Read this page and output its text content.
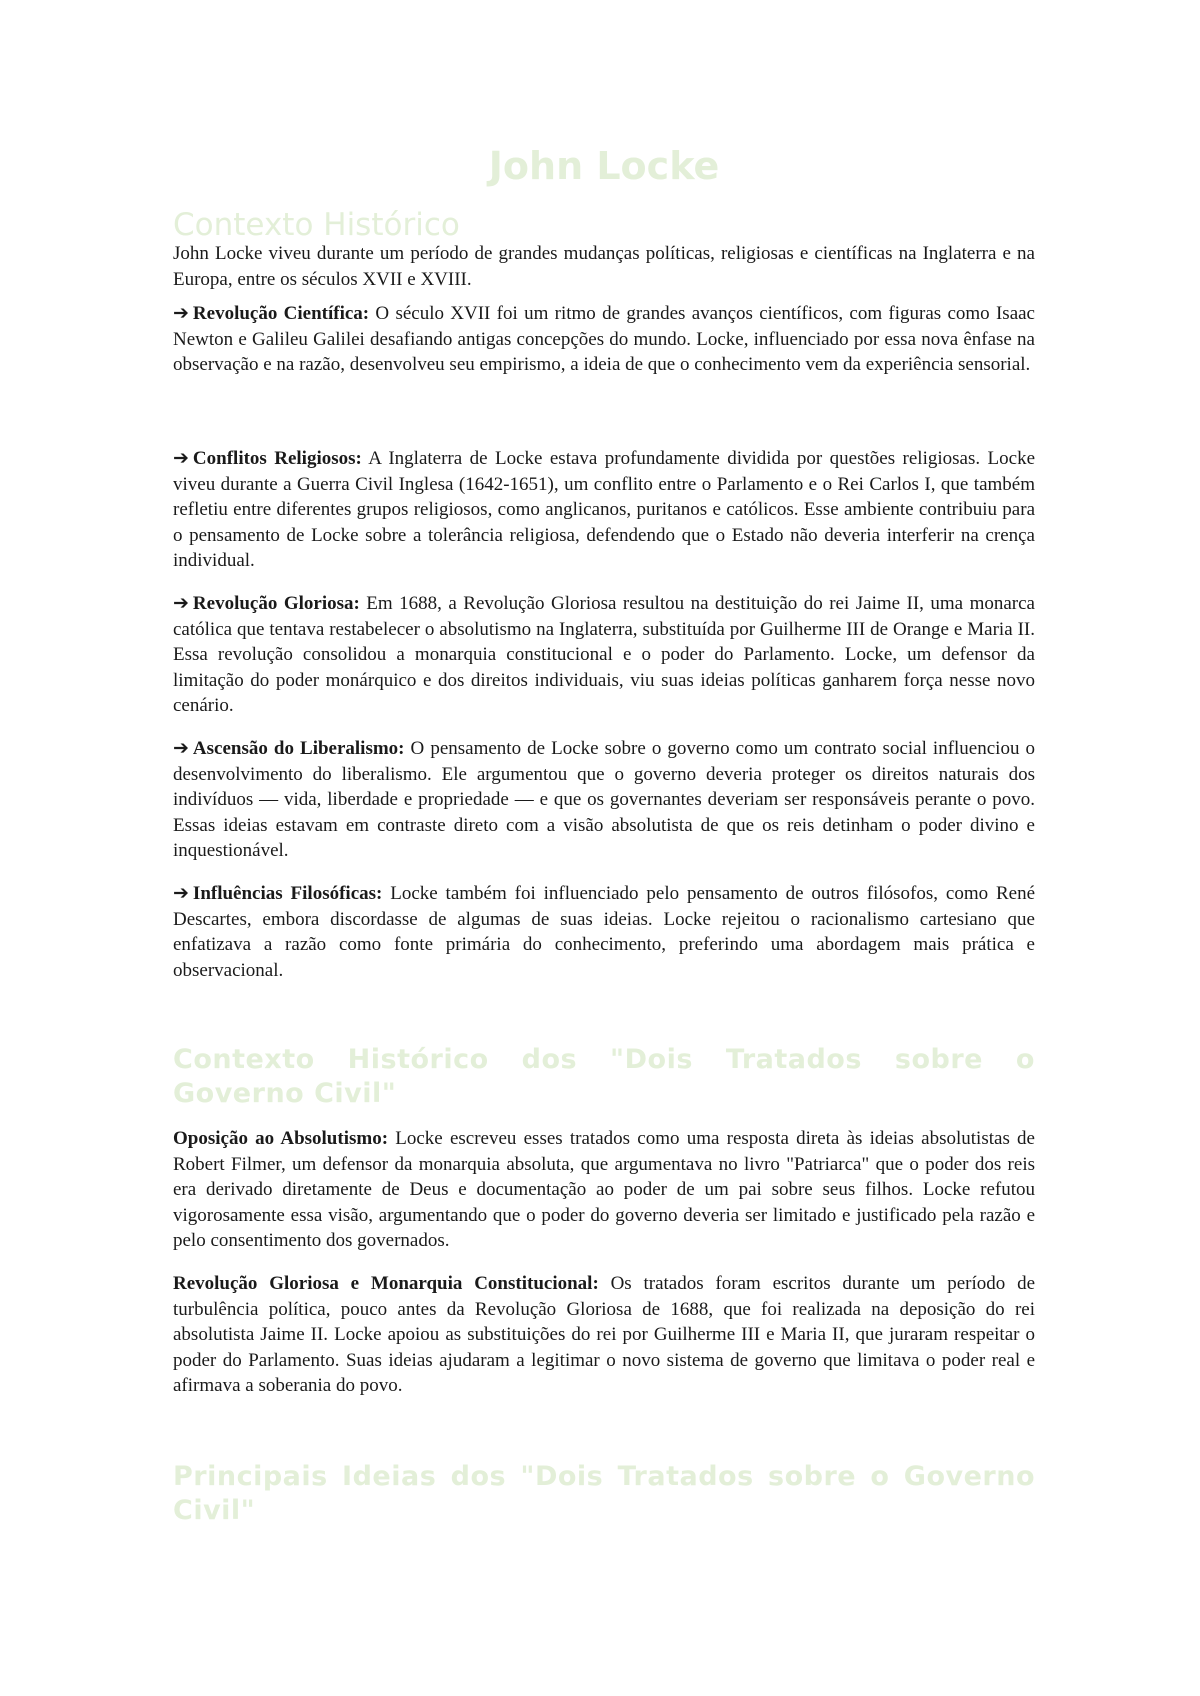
John Locke
Contexto Histórico

John Locke viveu durante um período de grandes mudanças políticas, religiosas e científicas na Inglaterra e na Europa, entre os séculos XVII e XVIII.

➔ Revolução Científica: O século XVII foi um ritmo de grandes avanços científicos, com figuras como Isaac Newton e Galileu Galilei desafiando antigas concepções do mundo. Locke, influenciado por essa nova ênfase na observação e na razão, desenvolveu seu empirismo, a ideia de que o conhecimento vem da experiência sensorial.

➔ Conflitos Religiosos: A Inglaterra de Locke estava profundamente dividida por questões religiosas. Locke viveu durante a Guerra Civil Inglesa (1642-1651), um conflito entre o Parlamento e o Rei Carlos I, que também refletiu entre diferentes grupos religiosos, como anglicanos, puritanos e católicos. Esse ambiente contribuiu para o pensamento de Locke sobre a tolerância religiosa, defendendo que o Estado não deveria interferir na crença individual.

➔ Revolução Gloriosa: Em 1688, a Revolução Gloriosa resultou na destituição do rei Jaime II, uma monarca católica que tentava restabelecer o absolutismo na Inglaterra, substituída por Guilherme III de Orange e Maria II. Essa revolução consolidou a monarquia constitucional e o poder do Parlamento. Locke, um defensor da limitação do poder monárquico e dos direitos individuais, viu suas ideias políticas ganharem força nesse novo cenário.

➔ Ascensão do Liberalismo: O pensamento de Locke sobre o governo como um contrato social influenciou o desenvolvimento do liberalismo. Ele argumentou que o governo deveria proteger os direitos naturais dos indivíduos — vida, liberdade e propriedade — e que os governantes deveriam ser responsáveis perante o povo. Essas ideias estavam em contraste direto com a visão absolutista de que os reis detinham o poder divino e inquestionável.

➔ Influências Filosóficas: Locke também foi influenciado pelo pensamento de outros filósofos, como René Descartes, embora discordasse de algumas de suas ideias. Locke rejeitou o racionalismo cartesiano que enfatizava a razão como fonte primária do conhecimento, preferindo uma abordagem mais prática e observacional.

Contexto Histórico dos "Dois Tratados sobre o Governo Civil"

Oposição ao Absolutismo: Locke escreveu esses tratados como uma resposta direta às ideias absolutistas de Robert Filmer, um defensor da monarquia absoluta, que argumentava no livro "Patriarca" que o poder dos reis era derivado diretamente de Deus e documentação ao poder de um pai sobre seus filhos. Locke refutou vigorosamente essa visão, argumentando que o poder do governo deveria ser limitado e justificado pela razão e pelo consentimento dos governados.

Revolução Gloriosa e Monarquia Constitucional: Os tratados foram escritos durante um período de turbulência política, pouco antes da Revolução Gloriosa de 1688, que foi realizada na deposição do rei absolutista Jaime II. Locke apoiou as substituições do rei por Guilherme III e Maria II, que juraram respeitar o poder do Parlamento. Suas ideias ajudaram a legitimar o novo sistema de governo que limitava o poder real e afirmava a soberania do povo.

Principais Ideias dos "Dois Tratados sobre o Governo Civil"
